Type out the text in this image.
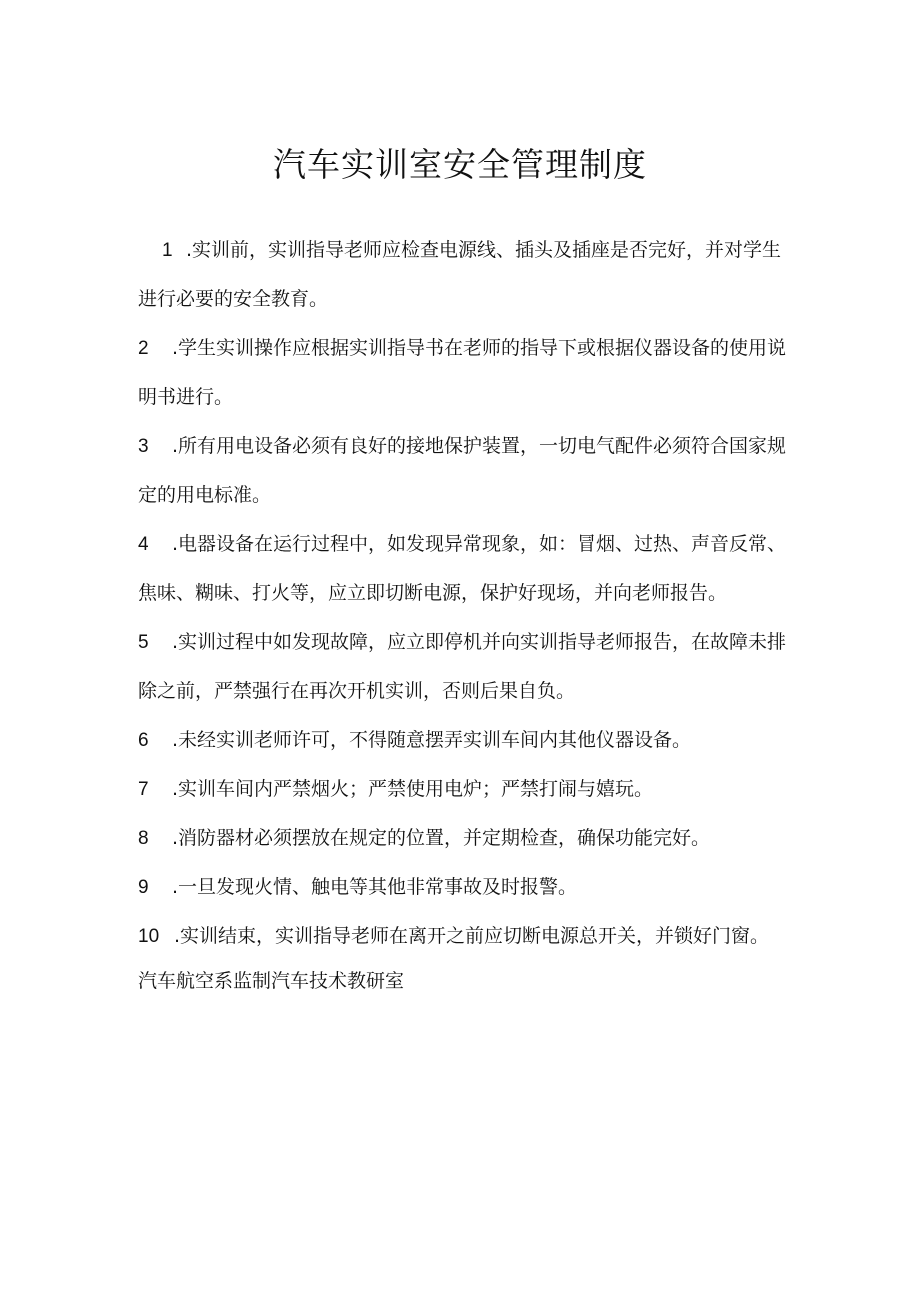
汽车实训室安全管理制度
1 .实训前，实训指导老师应检查电源线、插头及插座是否完好，并对学生进行必要的安全教育。
2 .学生实训操作应根据实训指导书在老师的指导下或根据仪器设备的使用说明书进行。
3 .所有用电设备必须有良好的接地保护装置，一切电气配件必须符合国家规定的用电标准。
4 .电器设备在运行过程中，如发现异常现象，如：冒烟、过热、声音反常、焦味、糊味、打火等，应立即切断电源，保护好现场，并向老师报告。
5 .实训过程中如发现故障，应立即停机并向实训指导老师报告，在故障未排除之前，严禁强行在再次开机实训，否则后果自负。
6 .未经实训老师许可，不得随意摆弄实训车间内其他仪器设备。
7 .实训车间内严禁烟火；严禁使用电炉；严禁打闹与嬉玩。
8 .消防器材必须摆放在规定的位置，并定期检查，确保功能完好。
9 .一旦发现火情、触电等其他非常事故及时报警。
10 .实训结束，实训指导老师在离开之前应切断电源总开关，并锁好门窗。

汽车航空系监制汽车技术教研室
